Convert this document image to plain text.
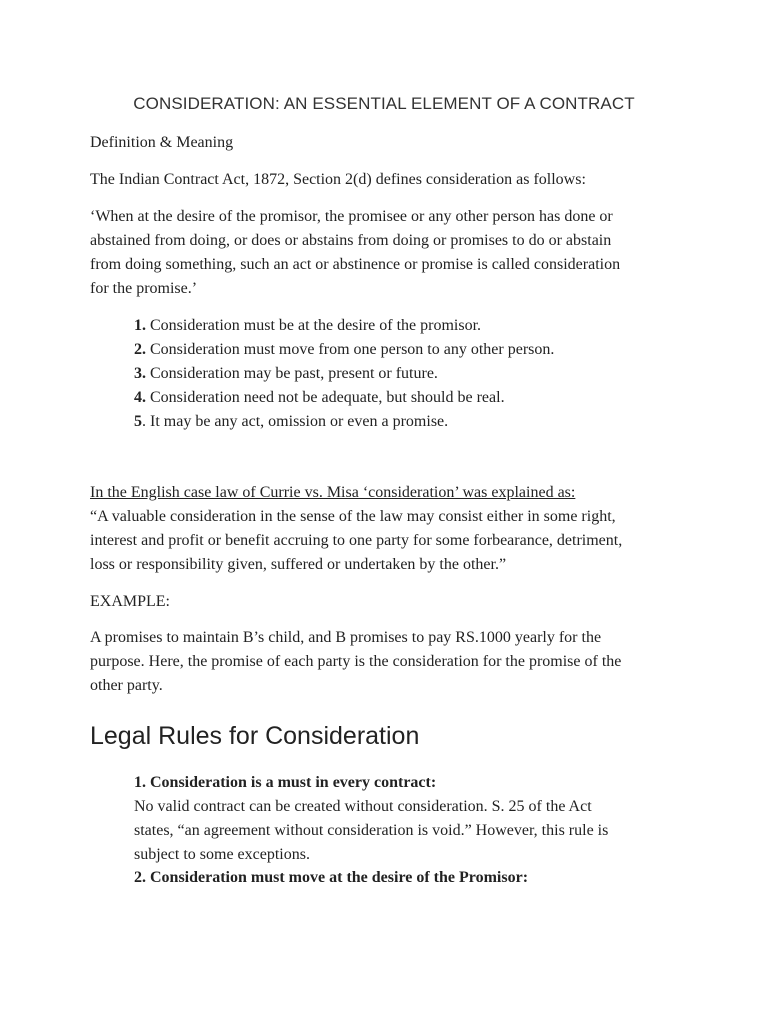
CONSIDERATION: AN ESSENTIAL ELEMENT OF A CONTRACT

Definition & Meaning

The Indian Contract Act, 1872, Section 2(d) defines consideration as follows:

‘When at the desire of the promisor, the promisee or any other person has done or
abstained from doing, or does or abstains from doing or promises to do or abstain
from doing something, such an act or abstinence or promise is called consideration
for the promise.’
1. Consideration must be at the desire of the promisor.
2. Consideration must move from one person to any other person.
3. Consideration may be past, present or future.
4. Consideration need not be adequate, but should be real.
5. It may be any act, omission or even a promise.
In the English case law of Currie vs. Misa ‘consideration’ was explained as:
“A valuable consideration in the sense of the law may consist either in some right,
interest and profit or benefit accruing to one party for some forbearance, detriment,
loss or responsibility given, suffered or undertaken by the other.”

EXAMPLE:

A promises to maintain B’s child, and B promises to pay RS.1000 yearly for the
purpose. Here, the promise of each party is the consideration for the promise of the
other party.
Legal Rules for Consideration
1. Consideration is a must in every contract:
No valid contract can be created without consideration. S. 25 of the Act
states, “an agreement without consideration is void.” However, this rule is
subject to some exceptions.
2. Consideration must move at the desire of the Promisor:
